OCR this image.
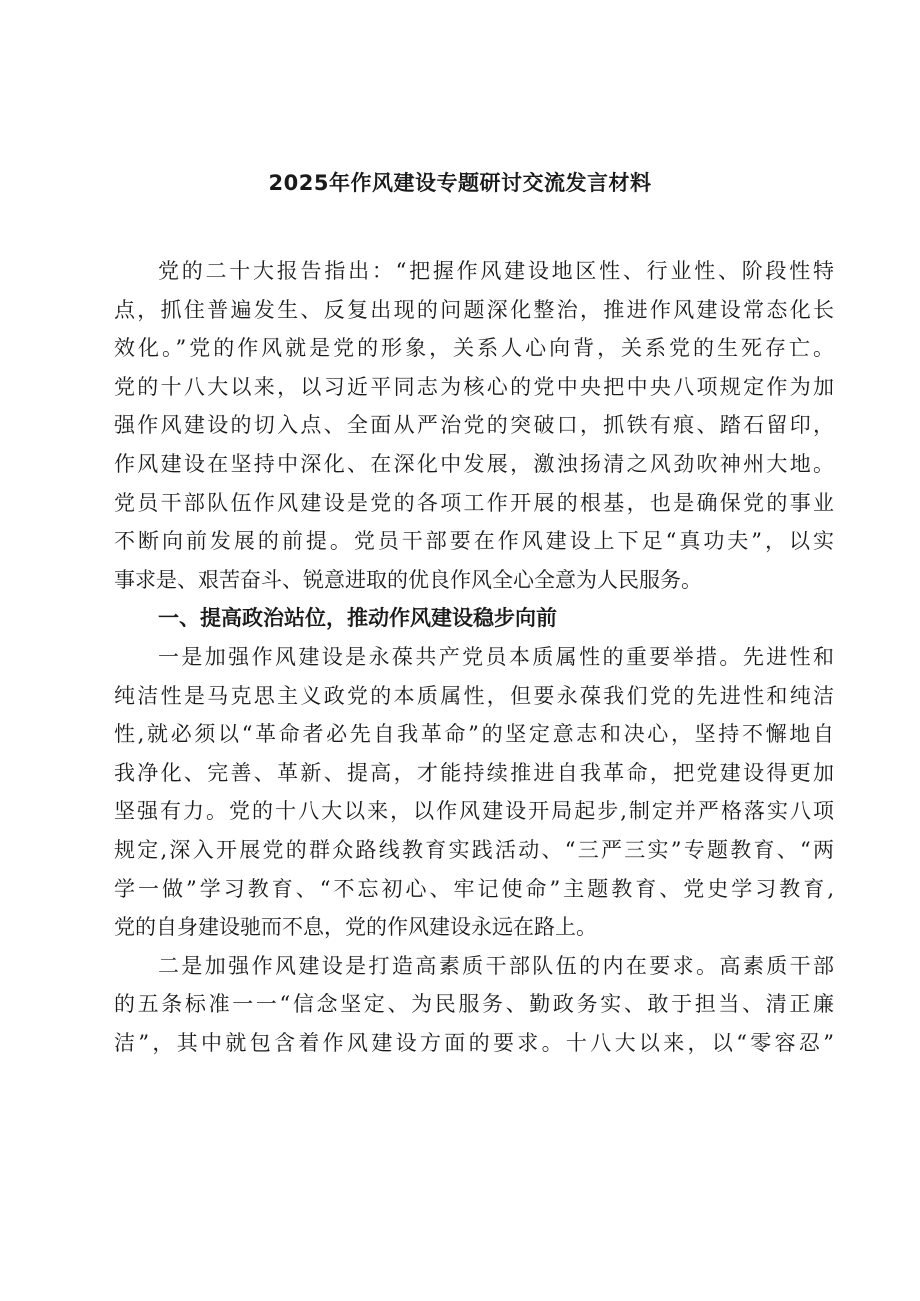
2025年作风建设专题研讨交流发言材料
党的二十大报告指出：“把握作风建设地区性、行业性、阶段性特
点，抓住普遍发生、反复出现的问题深化整治，推进作风建设常态化长
效化。”党的作风就是党的形象，关系人心向背，关系党的生死存亡。
党的十八大以来，以习近平同志为核心的党中央把中央八项规定作为加
强作风建设的切入点、全面从严治党的突破口，抓铁有痕、踏石留印，
作风建设在坚持中深化、在深化中发展，激浊扬清之风劲吹神州大地。
党员干部队伍作风建设是党的各项工作开展的根基，也是确保党的事业
不断向前发展的前提。党员干部要在作风建设上下足“真功夫”，以实
事求是、艰苦奋斗、锐意进取的优良作风全心全意为人民服务。
一、提高政治站位，推动作风建设稳步向前
一是加强作风建设是永葆共产党员本质属性的重要举措。先进性和
纯洁性是马克思主义政党的本质属性，但要永葆我们党的先进性和纯洁
性,就必须以“革命者必先自我革命”的坚定意志和决心，坚持不懈地自
我净化、完善、革新、提高，才能持续推进自我革命，把党建设得更加
坚强有力。党的十八大以来，以作风建设开局起步,制定并严格落实八项
规定,深入开展党的群众路线教育实践活动、“三严三实”专题教育、“两
学一做”学习教育、“不忘初心、牢记使命”主题教育、党史学习教育,
党的自身建设驰而不息，党的作风建设永远在路上。
二是加强作风建设是打造高素质干部队伍的内在要求。高素质干部
的五条标准一一“信念坚定、为民服务、勤政务实、敢于担当、清正廉
洁”，其中就包含着作风建设方面的要求。十八大以来，以“零容忍”
